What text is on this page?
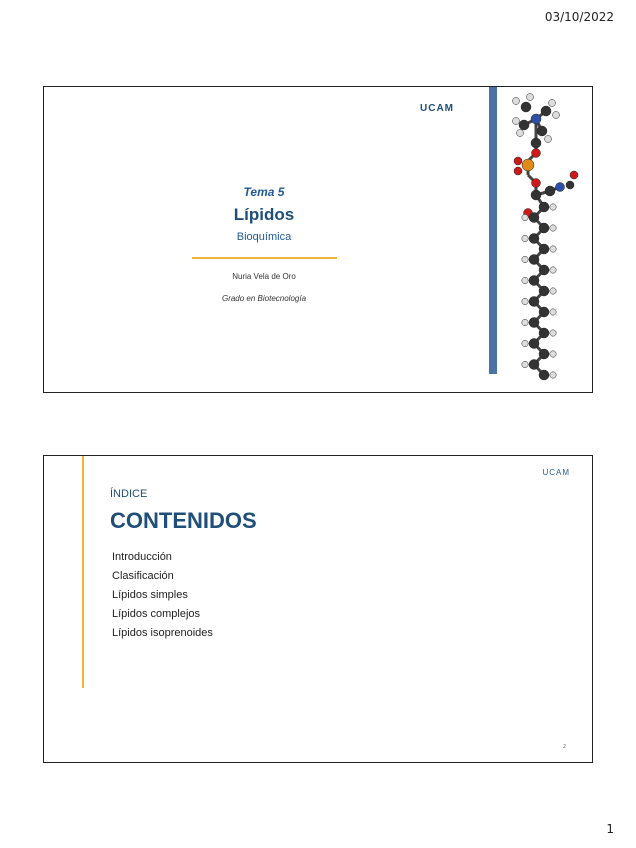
03/10/2022
UCAM
Tema 5
Lípidos
Bioquímica
Nuria Vela de Oro
Grado en Biotecnología
UCAM
ÍNDICE
CONTENIDOS
Introducción
Clasificación
Lípidos simples
Lípidos complejos
Lípidos isoprenoides
2
1
